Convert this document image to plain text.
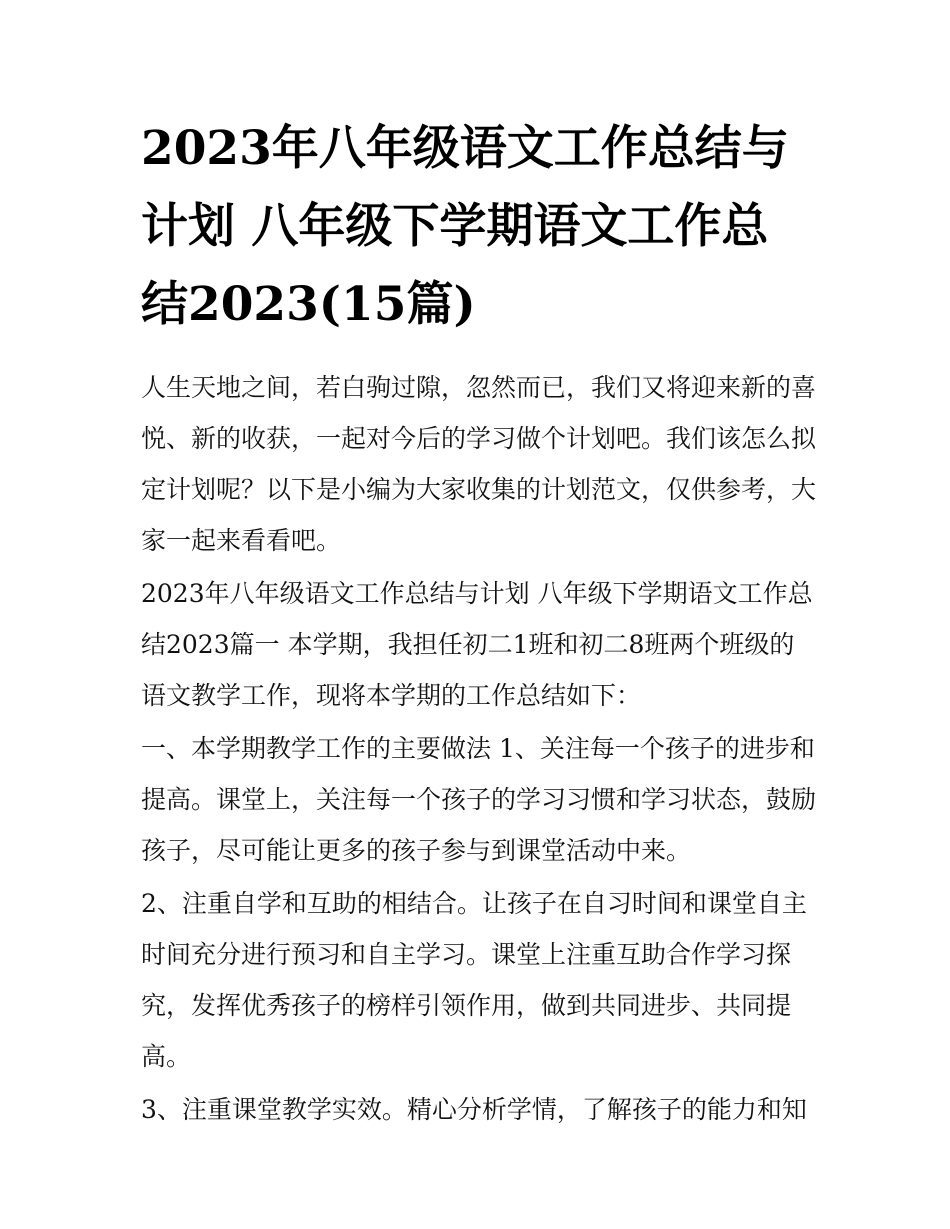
2023年八年级语文工作总结与
计划 八年级下学期语文工作总
结2023(15篇)

人生天地之间，若白驹过隙，忽然而已，我们又将迎来新的喜
悦、新的收获，一起对今后的学习做个计划吧。我们该怎么拟
定计划呢？以下是小编为大家收集的计划范文，仅供参考，大
家一起来看看吧。

2023年八年级语文工作总结与计划 八年级下学期语文工作总
结2023篇一 本学期，我担任初二1班和初二8班两个班级的
语文教学工作，现将本学期的工作总结如下：

一、本学期教学工作的主要做法 1、关注每一个孩子的进步和
提高。课堂上，关注每一个孩子的学习习惯和学习状态，鼓励
孩子，尽可能让更多的孩子参与到课堂活动中来。

2、注重自学和互助的相结合。让孩子在自习时间和课堂自主
时间充分进行预习和自主学习。课堂上注重互助合作学习探
究，发挥优秀孩子的榜样引领作用，做到共同进步、共同提
高。

3、注重课堂教学实效。精心分析学情，了解孩子的能力和知
